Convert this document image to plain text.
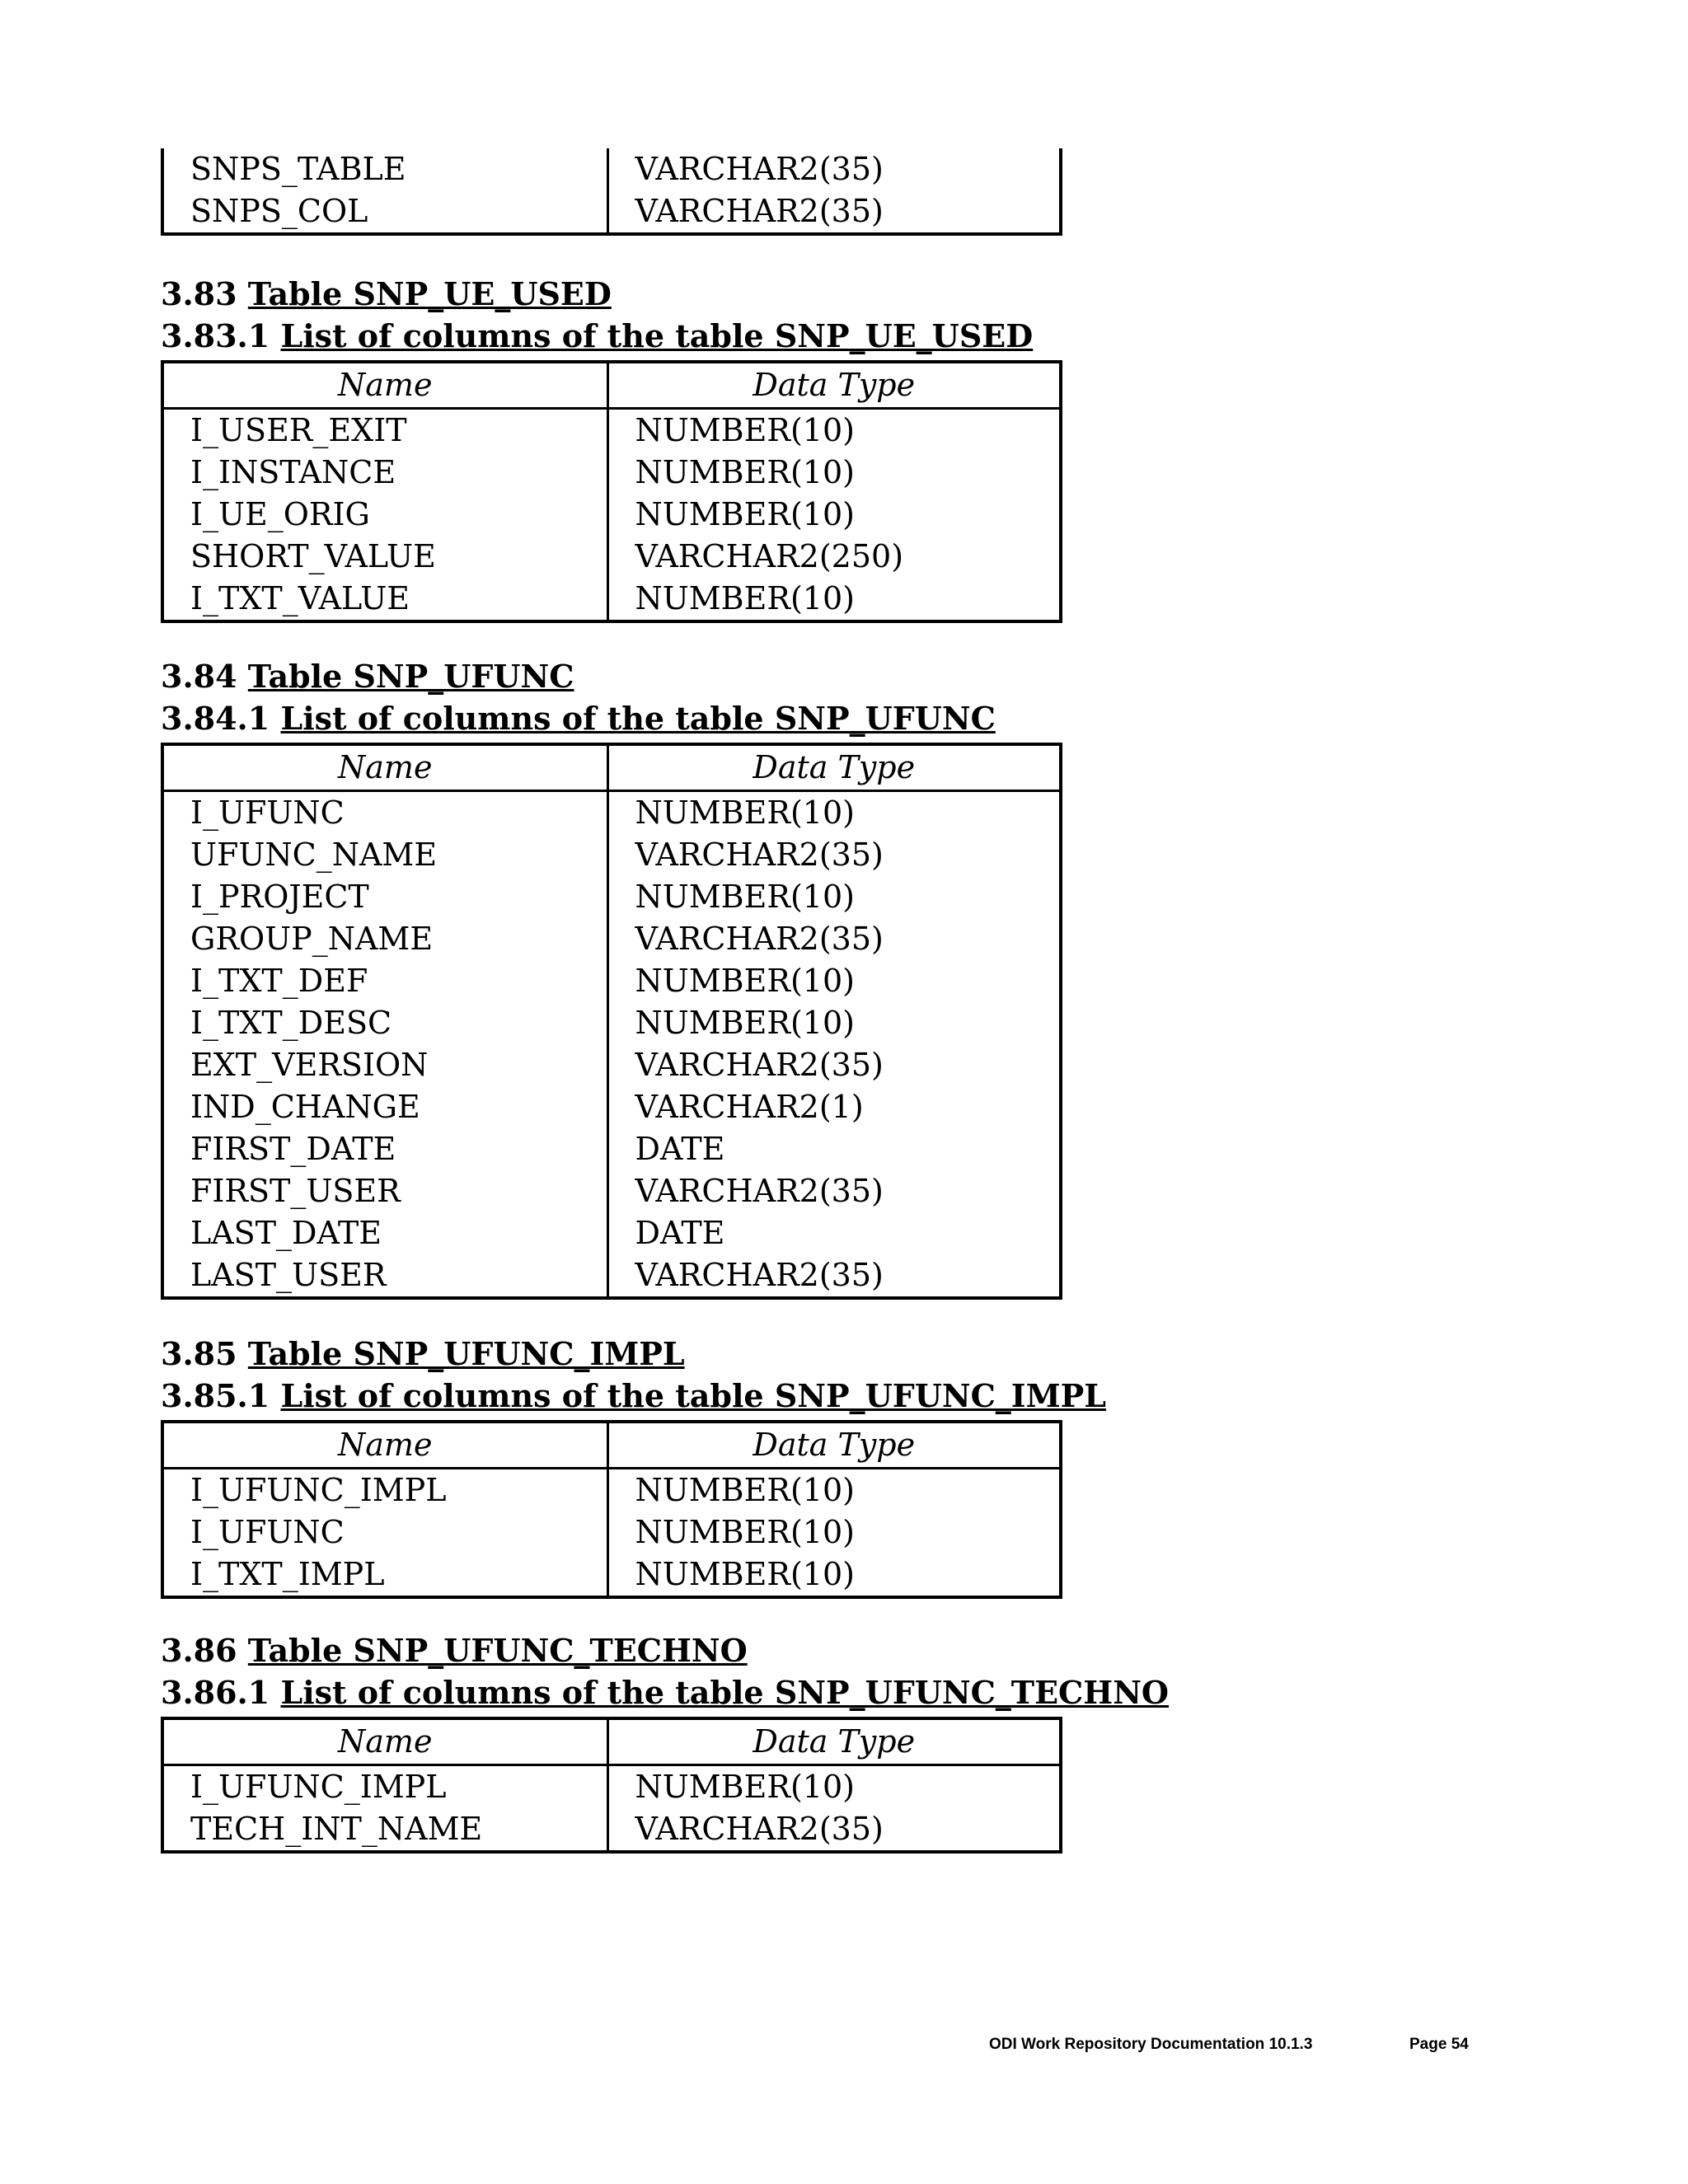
SNPS_TABLE	VARCHAR2(35)
SNPS_COL	VARCHAR2(35)
3.83 Table SNP_UE_USED
3.83.1 List of columns of the table SNP_UE_USED
Name	Data Type
I_USER_EXIT	NUMBER(10)
I_INSTANCE	NUMBER(10)
I_UE_ORIG	NUMBER(10)
SHORT_VALUE	VARCHAR2(250)
I_TXT_VALUE	NUMBER(10)
3.84 Table SNP_UFUNC
3.84.1 List of columns of the table SNP_UFUNC
Name	Data Type
I_UFUNC	NUMBER(10)
UFUNC_NAME	VARCHAR2(35)
I_PROJECT	NUMBER(10)
GROUP_NAME	VARCHAR2(35)
I_TXT_DEF	NUMBER(10)
I_TXT_DESC	NUMBER(10)
EXT_VERSION	VARCHAR2(35)
IND_CHANGE	VARCHAR2(1)
FIRST_DATE	DATE
FIRST_USER	VARCHAR2(35)
LAST_DATE	DATE
LAST_USER	VARCHAR2(35)
3.85 Table SNP_UFUNC_IMPL
3.85.1 List of columns of the table SNP_UFUNC_IMPL
Name	Data Type
I_UFUNC_IMPL	NUMBER(10)
I_UFUNC	NUMBER(10)
I_TXT_IMPL	NUMBER(10)
3.86 Table SNP_UFUNC_TECHNO
3.86.1 List of columns of the table SNP_UFUNC_TECHNO
Name	Data Type
I_UFUNC_IMPL	NUMBER(10)
TECH_INT_NAME	VARCHAR2(35)
ODI Work Repository Documentation 10.1.3	Page 54
